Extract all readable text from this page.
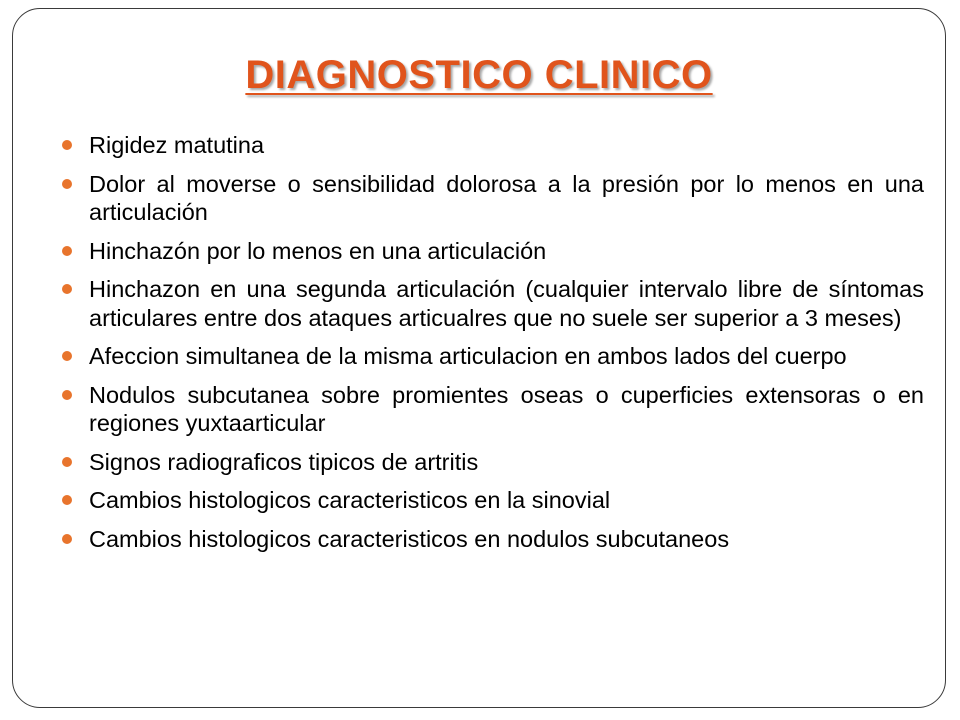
DIAGNOSTICO CLINICO
Rigidez matutina
Dolor al moverse o sensibilidad dolorosa a la presión por lo menos en una articulación
Hinchazón por lo menos en una articulación
Hinchazon en una segunda articulación (cualquier intervalo libre de síntomas articulares entre dos ataques articualres que no suele ser superior a 3 meses)
Afeccion simultanea de la misma articulacion en ambos lados del cuerpo
Nodulos subcutanea sobre promientes oseas o cuperficies extensoras o en regiones yuxtaarticular
Signos radiograficos tipicos de artritis
Cambios histologicos caracteristicos en la sinovial
Cambios histologicos caracteristicos en nodulos subcutaneos
